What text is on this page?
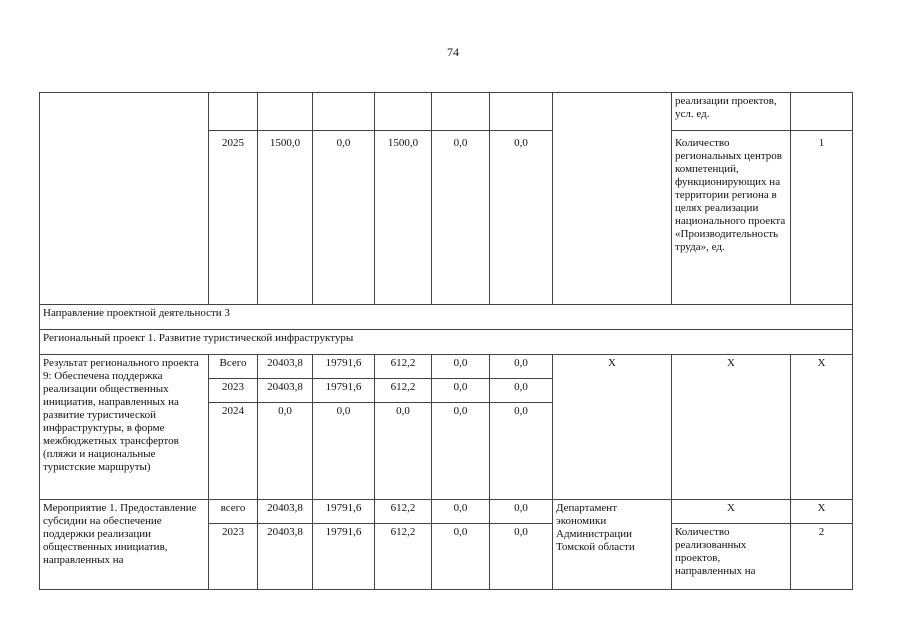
74
								реализации проектов, усл. ед.	
	2025	1500,0	0,0	1500,0	0,0	0,0		Количество региональных центров компетенций, функционирующих на территории региона в целях реализации национального проекта «Производительность труда», ед.	1
Направление проектной деятельности 3									
Региональный проект 1. Развитие туристической инфраструктуры									
Результат регионального проекта 9: Обеспечена поддержка реализации общественных инициатив, направленных на развитие туристической инфраструктуры, в форме межбюджетных трансфертов (пляжи и национальные туристские маршруты)	Всего	20403,8	19791,6	612,2	0,0	0,0	X	X	X
	2023	20403,8	19791,6	612,2	0,0	0,0			
	2024	0,0	0,0	0,0	0,0	0,0			
Мероприятие 1. Предоставление субсидии на обеспечение поддержки реализации общественных инициатив, направленных на	всего	20403,8	19791,6	612,2	0,0	0,0	Департамент экономики Администрации Томской области	X	X
	2023	20403,8	19791,6	612,2	0,0	0,0		Количество реализованных проектов, направленных на	2
